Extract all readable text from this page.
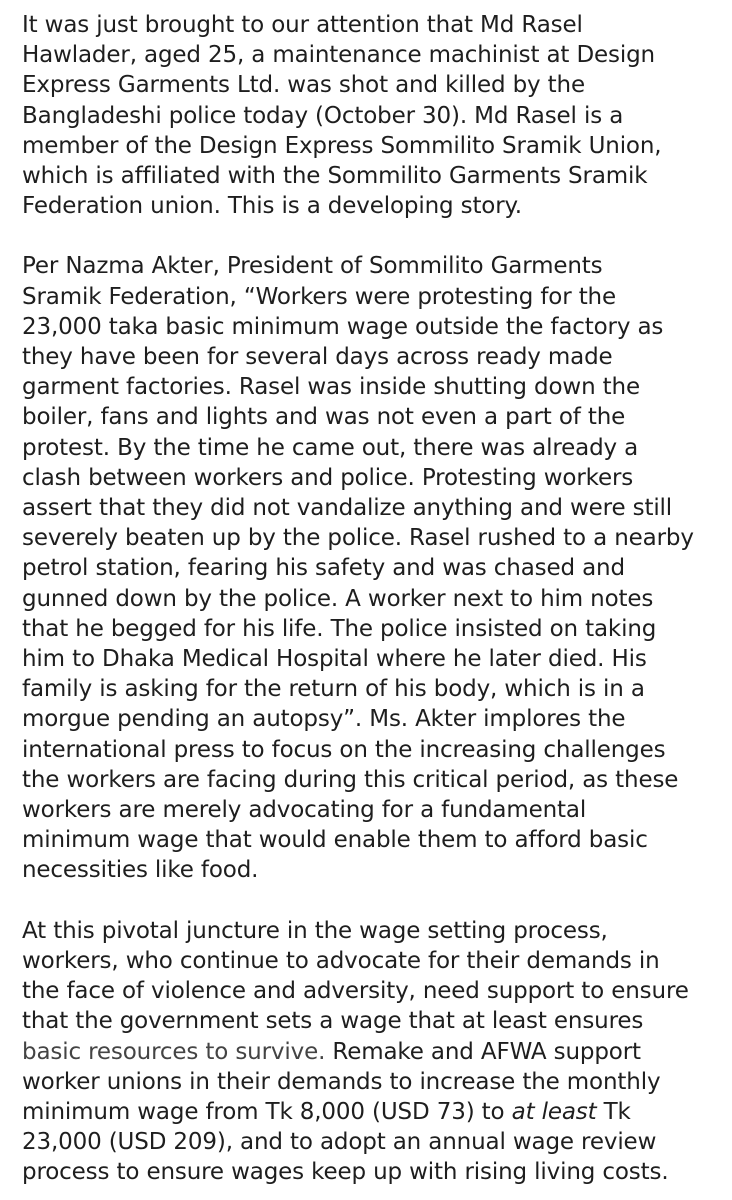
It was just brought to our attention that Md Rasel
Hawlader, aged 25, a maintenance machinist at Design
Express Garments Ltd. was shot and killed by the
Bangladeshi police today (October 30). Md Rasel is a
member of the Design Express Sommilito Sramik Union,
which is affiliated with the Sommilito Garments Sramik
Federation union. This is a developing story.

Per Nazma Akter, President of Sommilito Garments
Sramik Federation, “Workers were protesting for the
23,000 taka basic minimum wage outside the factory as
they have been for several days across ready made
garment factories. Rasel was inside shutting down the
boiler, fans and lights and was not even a part of the
protest. By the time he came out, there was already a
clash between workers and police. Protesting workers
assert that they did not vandalize anything and were still
severely beaten up by the police. Rasel rushed to a nearby
petrol station, fearing his safety and was chased and
gunned down by the police. A worker next to him notes
that he begged for his life. The police insisted on taking
him to Dhaka Medical Hospital where he later died. His
family is asking for the return of his body, which is in a
morgue pending an autopsy”. Ms. Akter implores the
international press to focus on the increasing challenges
the workers are facing during this critical period, as these
workers are merely advocating for a fundamental
minimum wage that would enable them to afford basic
necessities like food.

At this pivotal juncture in the wage setting process,
workers, who continue to advocate for their demands in
the face of violence and adversity, need support to ensure
that the government sets a wage that at least ensures
basic resources to survive. Remake and AFWA support
worker unions in their demands to increase the monthly
minimum wage from Tk 8,000 (USD 73) to at least Tk
23,000 (USD 209), and to adopt an annual wage review
process to ensure wages keep up with rising living costs.
